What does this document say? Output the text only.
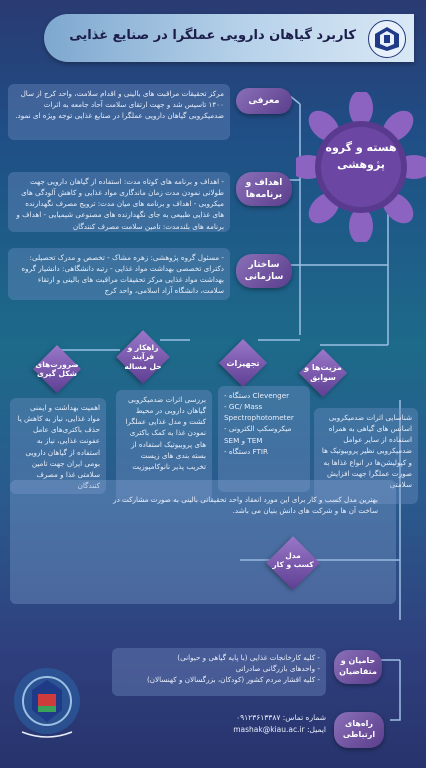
کاربرد گیاهان دارویی عملگرا در صنایع غذایی
هسته و گروه
پژوهشی
معرفی

مرکز تحقیقات مراقبت های بالینی و اقدام سلامت، واحد کرج از سال ۱۴۰۰ تاسیس شد و جهت ارتقای سلامت آحاد جامعه به اثرات ضدمیکروبی گیاهان دارویی عملگرا در صنایع غذایی توجه ویژه ای نمود.

اهداف و
برنامه‌ها

- اهداف و برنامه های کوتاه مدت: استفاده از گیاهان دارویی جهت طولانی نمودن مدت زمان ماندگاری مواد غذایی و کاهش آلودگی های میکروبی - اهداف و برنامه های میان مدت: ترویج مصرف نگهدارنده های غذایی طبیعی به جای نگهدارنده های مصنوعی شیمیایی - اهداف و برنامه های بلندمدت: تامین سلامت مصرف کنندگان

ساختار
سازمانی

- مسئول گروه پژوهشی: زهره مشاک - تخصص و مدرک تحصیلی: دکترای تخصصی بهداشت مواد غذایی - رتبه دانشگاهی: دانشیار گروه بهداشت مواد غذایی مرکز تحقیقات مراقبت های بالینی و ارتقاء سلامت، دانشگاه آزاد اسلامی، واحد کرج

مزیت‌ها و
سوابق
تجهیزات
راهکار و
فرآیند
حل مساله
ضرورت‌های
شکل گیری

شناسایی اثرات ضدمیکروبی اسانس های گیاهی به همراه استفاده از سایر عوامل ضدمیکروبی نظیر پروبیوتیک ها و کپولیشن‌ها در انواع غذاها به صورت عملگرا جهت افزایش سلامتی

- دستگاه Clevenger
- GC/ Mass
Spectrophotometer
- میکروسکپ الکترونی
SEM و TEM
- دستگاه FTIR

بررسی اثرات ضدمیکروبی گیاهان دارویی در محیط کشت و مدل غذایی عملگرا نمودن غذا به کمک باکتری های پروبیوتیک استفاده از بسته بندی های زیست تخریب پذیر نانوکامپوزیت

اهمیت بهداشت و ایمنی مواد غذایی، نیاز به کاهش یا حذف باکتری‌های عامل عفونت غذایی، نیاز به استفاده از گیاهان دارویی بومی ایران جهت تامین سلامتی غذا و مصرف کنندگان

بهترین مدل کسب و کار برای این مورد انعقاد واحد تحقیقاتی بالینی به صورت مشارکت در ساخت آن ها و شرکت های دانش بنیان می باشد.

مدل
کسب و کار
حامیان و
متقاضیان
- کلیه کارخانجات غذایی (با پایه گیاهی و حیوانی)
- واحدهای بازرگانی صادراتی
- کلیه اقشار مردم کشور (کودکان، بزرگسالان و کهنسالان)
راه‌های
ارتباطی
شماره تماس: ۰۹۱۲۳۶۱۳۳۸۷
ایمیل: mashak@kiau.ac.ir
